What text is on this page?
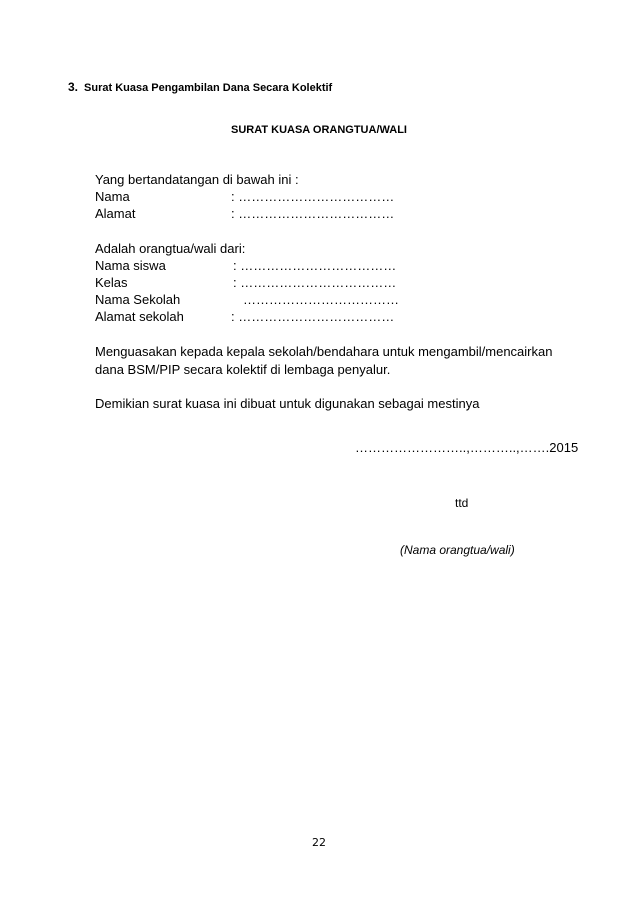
3. Surat Kuasa Pengambilan Dana Secara Kolektif
SURAT KUASA ORANGTUA/WALI
Yang bertandatangan di bawah ini :
Nama	: ………………………………
Alamat	: ………………………………
Adalah orangtua/wali dari:
Nama siswa	: ………………………………
Kelas	: ………………………………
Nama Sekolah	………………………………
Alamat sekolah	: ………………………………
Menguasakan kepada kepala sekolah/bendahara untuk mengambil/mencairkan
dana BSM/PIP secara kolektif di lembaga penyalur.
Demikian surat kuasa ini dibuat untuk digunakan sebagai mestinya
……………………..,………..,…….2015
ttd
(Nama orangtua/wali)
22
